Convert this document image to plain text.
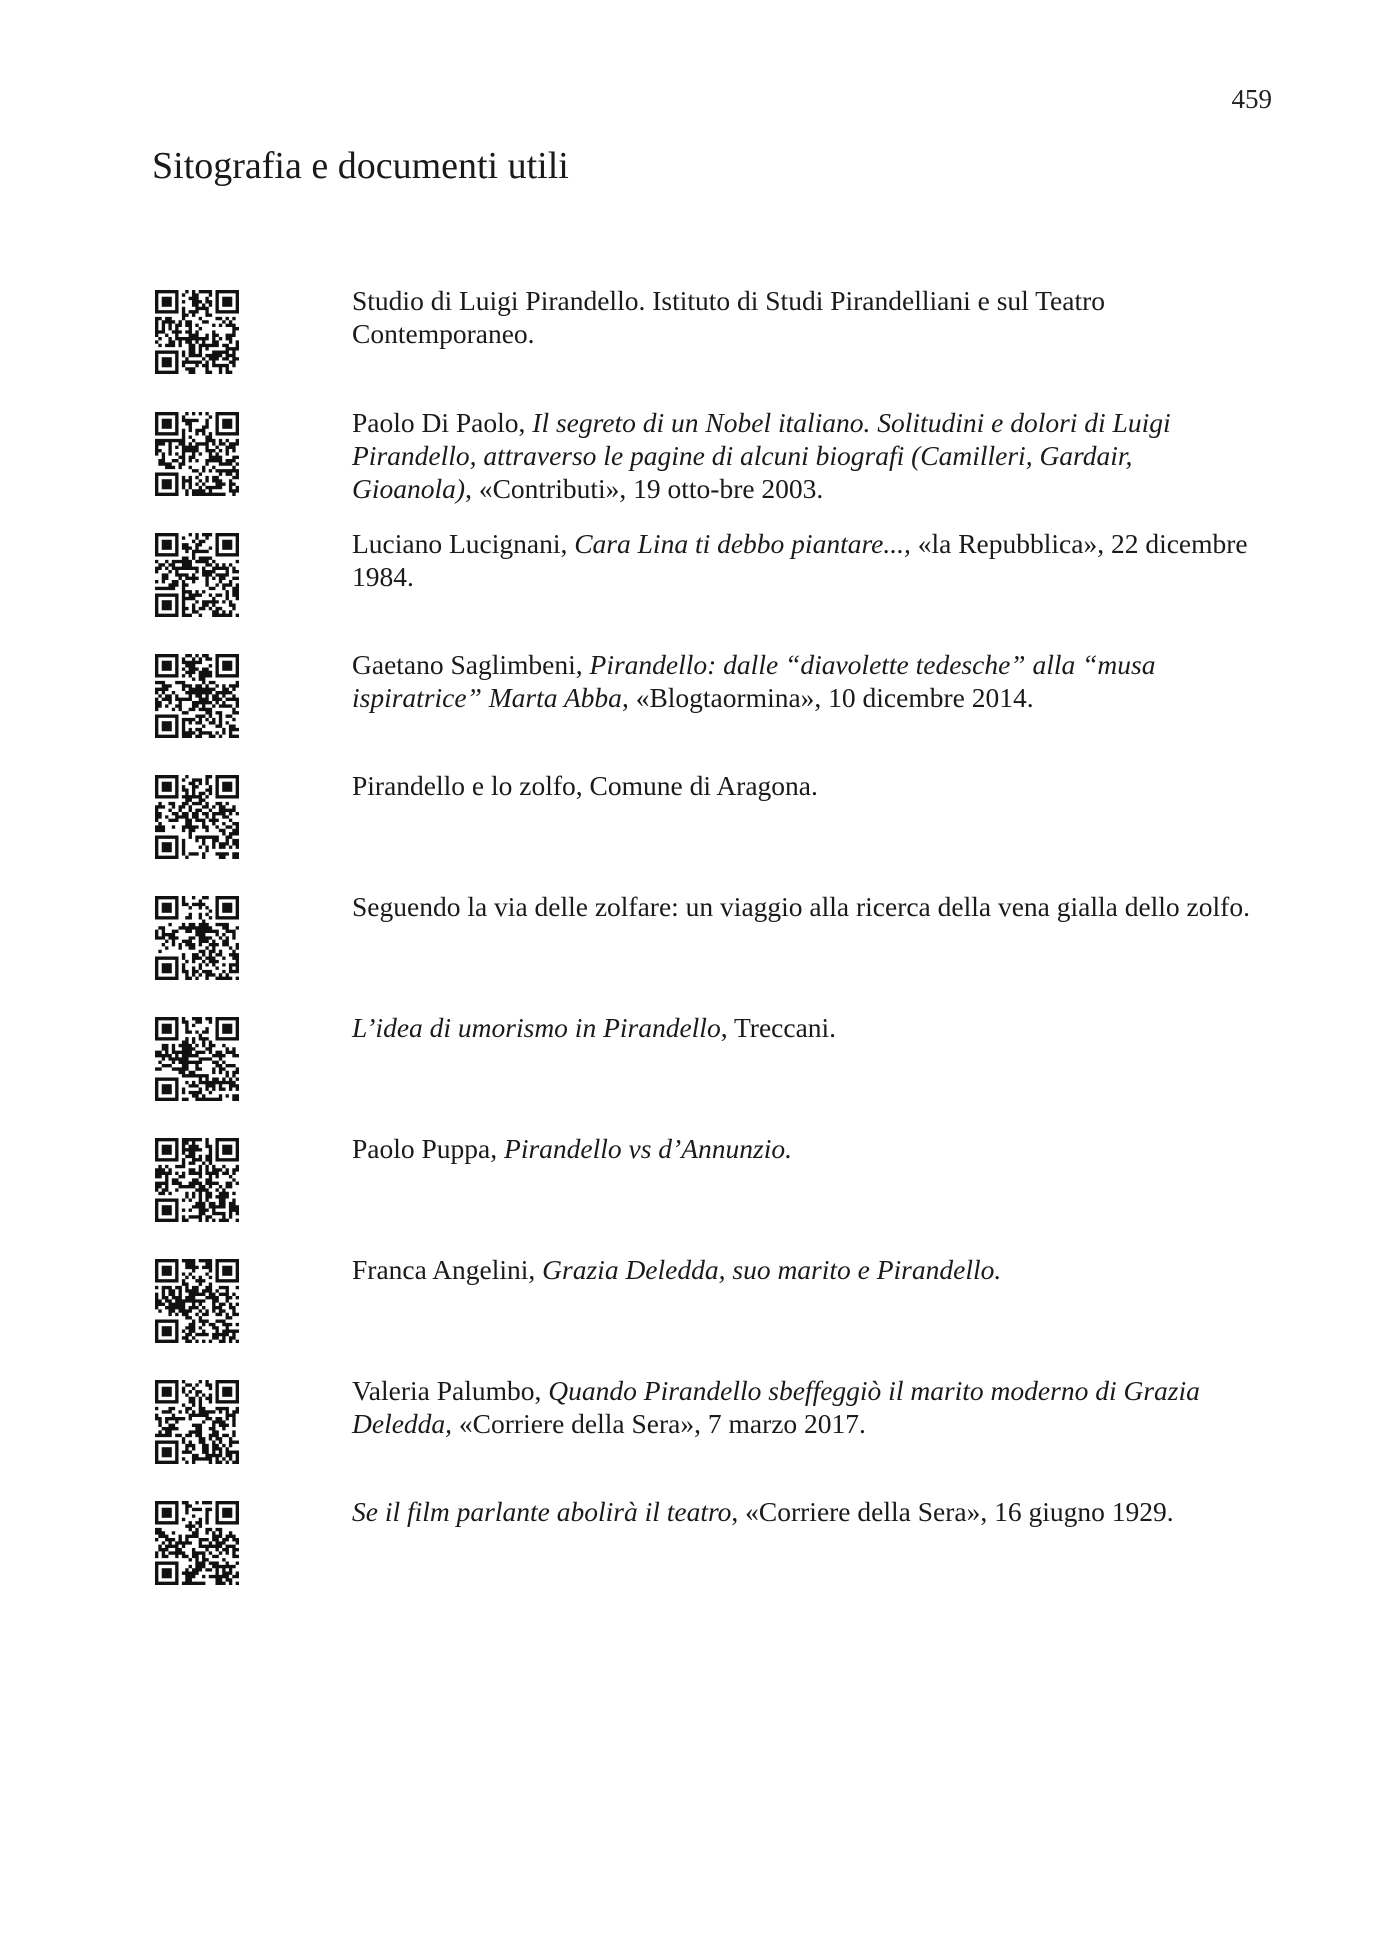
459
Sitografia e documenti utili
Studio di Luigi Pirandello. Istituto di Studi Pirandelliani e sul Teatro Contemporaneo.
Paolo Di Paolo, Il segreto di un Nobel italiano. Solitudini e dolori di Luigi Pirandello, attraverso le pagine di alcuni biografi (Camilleri, Gardair, Gioanola), «Contributi», 19 otto-bre 2003.
Luciano Lucignani, Cara Lina ti debbo piantare..., «la Repubblica», 22 dicembre 1984.
Gaetano Saglimbeni, Pirandello: dalle “diavolette tedesche” alla “musa ispiratrice” Marta Abba, «Blogtaormina», 10 dicembre 2014.
Pirandello e lo zolfo, Comune di Aragona.
Seguendo la via delle zolfare: un viaggio alla ricerca della vena gialla dello zolfo.
L’idea di umorismo in Pirandello, Treccani.
Paolo Puppa, Pirandello vs d’Annunzio.
Franca Angelini, Grazia Deledda, suo marito e Pirandello.
Valeria Palumbo, Quando Pirandello sbeffeggiò il marito moderno di Grazia Deledda, «Corriere della Sera», 7 marzo 2017.
Se il film parlante abolirà il teatro, «Corriere della Sera», 16 giugno 1929.
